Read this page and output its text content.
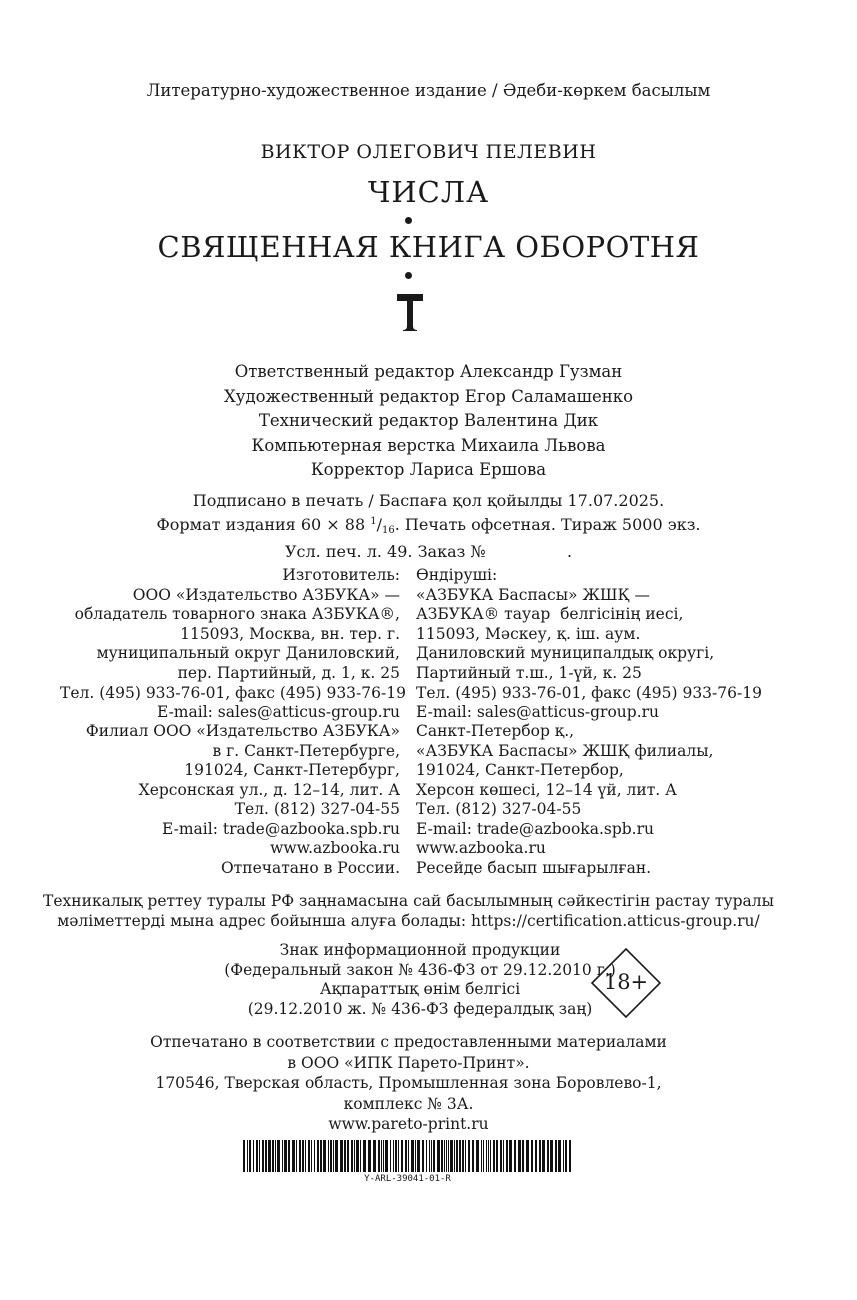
Литературно-художественное издание / Әдеби-көркем басылым
ВИКТОР ОЛЕГОВИЧ ПЕЛЕВИН
ЧИСЛА
СВЯЩЕННАЯ КНИГА ОБОРОТНЯ
Ответственный редактор Александр Гузман
Художественный редактор Егор Саламашенко
Технический редактор Валентина Дик
Компьютерная верстка Михаила Львова
Корректор Лариса Ершова
Подписано в печать / Баспаға қол қойылды 17.07.2025.
Формат издания 60 × 88 $^1/_{16}$. Печать офсетная. Тираж 5000 экз.
Усл. печ. л. 49. Заказ №                .
Изготовитель:
ООО «Издательство АЗБУКА» —
обладатель товарного знака АЗБУКА®,
115093, Москва, вн. тер. г.
муниципальный округ Даниловский,
пер. Партийный, д. 1, к. 25
Тел. (495) 933-76-01, факс (495) 933-76-19
E-mail: sales@atticus-group.ru
Өндіруші:
«АЗБУКА Баспасы» ЖШҚ —
АЗБУКА® тауар  белгісінің иесі,
115093, Мәскеу, қ. іш. аум.
Даниловский муниципалдық округі,
Партийный т.ш., 1-үй, к. 25
Тел. (495) 933-76-01, факс (495) 933-76-19
E-mail: sales@atticus-group.ru
Филиал ООО «Издательство АЗБУКА»
в г. Санкт-Петербурге,
191024, Санкт-Петербург,
Херсонская ул., д. 12–14, лит. А
Тел. (812) 327-04-55
E-mail: trade@azbooka.spb.ru
Санкт-Петербор қ.,
«АЗБУКА Баспасы» ЖШҚ филиалы,
191024, Санкт-Петербор,
Херсон көшесі, 12–14 үй, лит. А
Тел. (812) 327-04-55
E-mail: trade@azbooka.spb.ru
www.azbooka.ru
Отпечатано в России.
www.azbooka.ru
Ресейде басып шығарылған.
Техникалық реттеу туралы РФ заңнамасына сай басылымның сәйкестігін растау туралы
мәліметтерді мына адрес бойынша алуға болады: https://certification.atticus-group.ru/
Знак информационной продукции
(Федеральный закон № 436-ФЗ от 29.12.2010 г.)
Ақпараттық өнім белгісі
(29.12.2010 ж. № 436-ФЗ федералдық заң)
18+
Отпечатано в соответствии с предоставленными материалами
в ООО «ИПК Парето-Принт».
170546, Тверская область, Промышленная зона Боровлево-1,
комплекс № 3А.
www.pareto-print.ru
Y-ARL-39041-01-R
